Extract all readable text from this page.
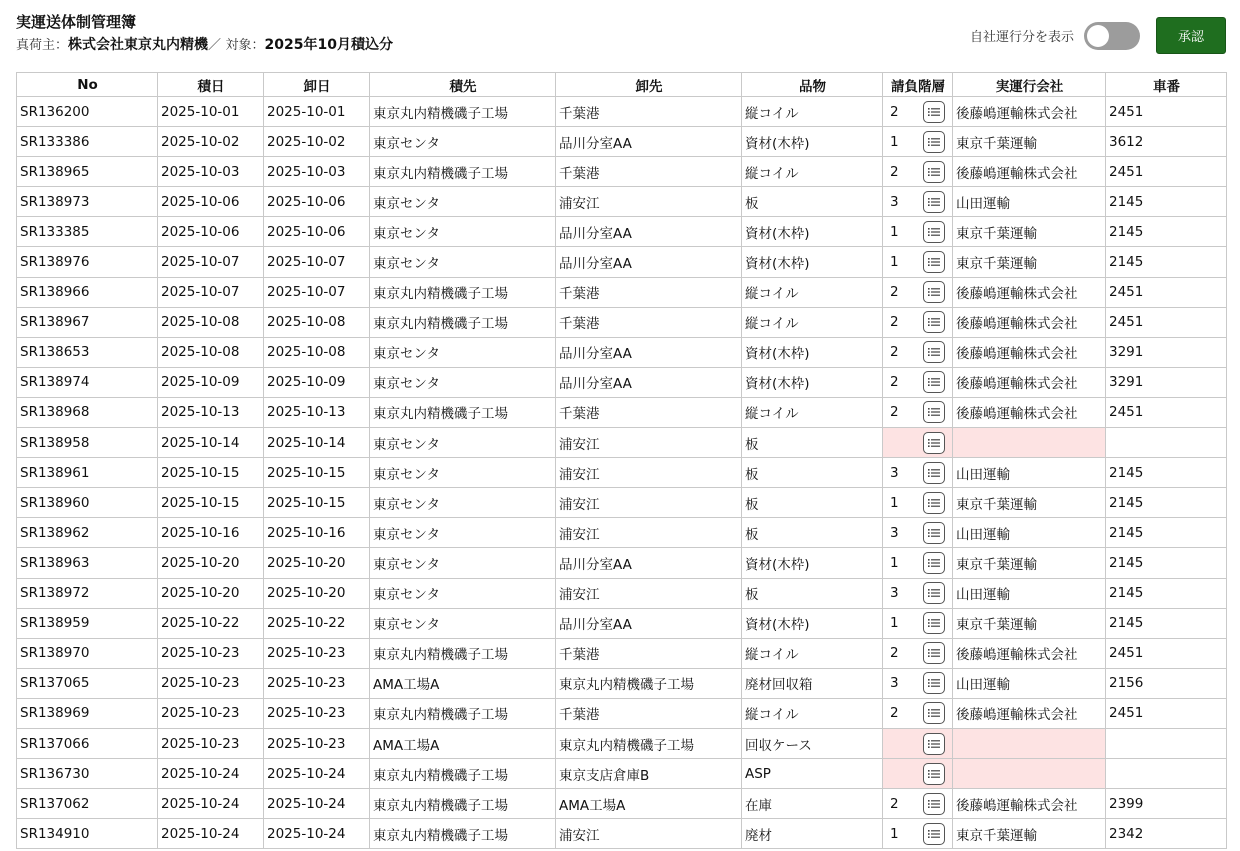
実運送体制管理簿
真荷主：株式会社東京丸内精機／ 対象：2025年10月積込分	自社運行分を表示	承認
No	積日	卸日	積先	卸先	品物	請負階層	実運行会社	車番
SR136200	2025-10-01	2025-10-01	東京丸内精機磯子工場	千葉港	縦コイル	2	後藤嶋運輸株式会社	2451
SR133386	2025-10-02	2025-10-02	東京センタ	品川分室AA	資材(木枠)	1	東京千葉運輸	3612
SR138965	2025-10-03	2025-10-03	東京丸内精機磯子工場	千葉港	縦コイル	2	後藤嶋運輸株式会社	2451
SR138973	2025-10-06	2025-10-06	東京センタ	浦安江	板	3	山田運輸	2145
SR133385	2025-10-06	2025-10-06	東京センタ	品川分室AA	資材(木枠)	1	東京千葉運輸	2145
SR138976	2025-10-07	2025-10-07	東京センタ	品川分室AA	資材(木枠)	1	東京千葉運輸	2145
SR138966	2025-10-07	2025-10-07	東京丸内精機磯子工場	千葉港	縦コイル	2	後藤嶋運輸株式会社	2451
SR138967	2025-10-08	2025-10-08	東京丸内精機磯子工場	千葉港	縦コイル	2	後藤嶋運輸株式会社	2451
SR138653	2025-10-08	2025-10-08	東京センタ	品川分室AA	資材(木枠)	2	後藤嶋運輸株式会社	3291
SR138974	2025-10-09	2025-10-09	東京センタ	品川分室AA	資材(木枠)	2	後藤嶋運輸株式会社	3291
SR138968	2025-10-13	2025-10-13	東京丸内精機磯子工場	千葉港	縦コイル	2	後藤嶋運輸株式会社	2451
SR138958	2025-10-14	2025-10-14	東京センタ	浦安江	板	

SR138961	2025-10-15	2025-10-15	東京センタ	浦安江	板	3	山田運輸	2145
SR138960	2025-10-15	2025-10-15	東京センタ	浦安江	板	1	東京千葉運輸	2145
SR138962	2025-10-16	2025-10-16	東京センタ	浦安江	板	3	山田運輸	2145
SR138963	2025-10-20	2025-10-20	東京センタ	品川分室AA	資材(木枠)	1	東京千葉運輸	2145
SR138972	2025-10-20	2025-10-20	東京センタ	浦安江	板	3	山田運輸	2145
SR138959	2025-10-22	2025-10-22	東京センタ	品川分室AA	資材(木枠)	1	東京千葉運輸	2145
SR138970	2025-10-23	2025-10-23	東京丸内精機磯子工場	千葉港	縦コイル	2	後藤嶋運輸株式会社	2451
SR137065	2025-10-23	2025-10-23	AMA工場A	東京丸内精機磯子工場	廃材回収箱	3	山田運輸	2156
SR138969	2025-10-23	2025-10-23	東京丸内精機磯子工場	千葉港	縦コイル	2	後藤嶋運輸株式会社	2451
SR137066	2025-10-23	2025-10-23	AMA工場A	東京丸内精機磯子工場	回収ケース	

SR136730	2025-10-24	2025-10-24	東京丸内精機磯子工場	東京支店倉庫B	ASP	

SR137062	2025-10-24	2025-10-24	東京丸内精機磯子工場	AMA工場A	在庫	2	後藤嶋運輸株式会社	2399
SR134910	2025-10-24	2025-10-24	東京丸内精機磯子工場	浦安江	廃材	1	東京千葉運輸	2342
